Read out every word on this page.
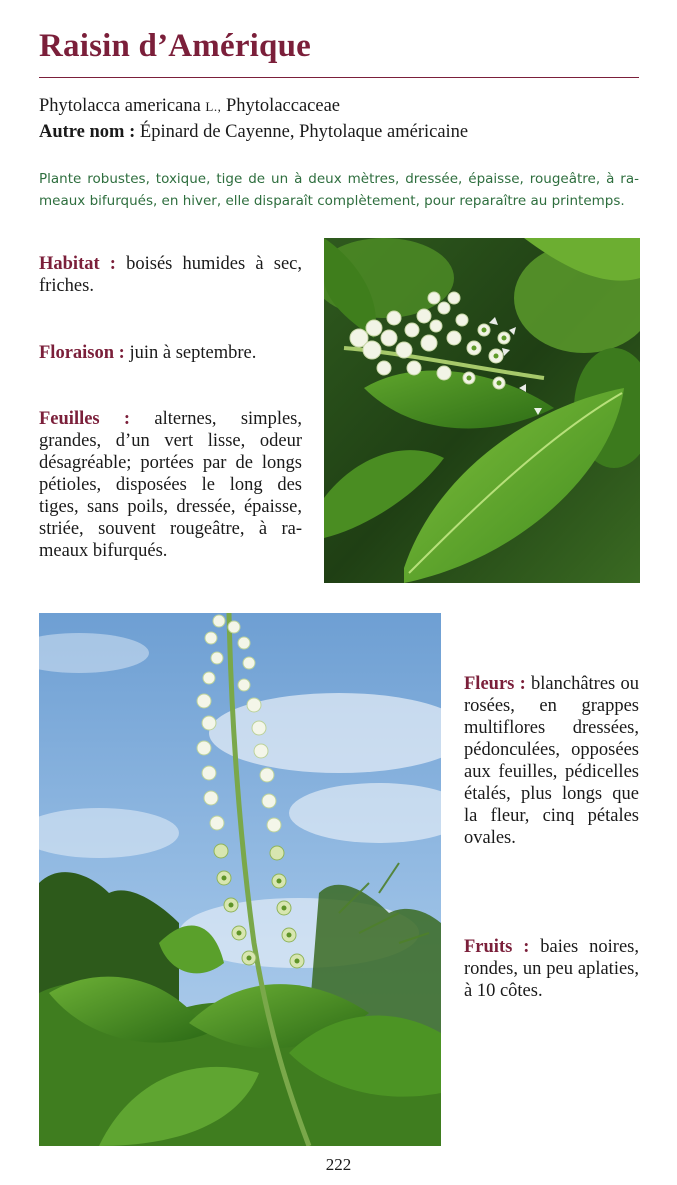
Raisin d’Amérique

Phytolacca americana L., Phytolaccaceae

Autre nom : Épinard de Cayenne, Phytolaque américaine

Plante robustes, toxique, tige de un à deux mètres, dressée, épaisse, rougeâtre, à rameaux bifurqués, en hiver, elle disparaît complètement, pour reparaître au printemps.

Habitat : boisés humides à sec, friches.

Floraison : juin à septembre.

Feuilles : alternes, simples, grandes, d’un vert lisse, odeur désagréable; portées par de longs pétioles, disposées le long des tiges, sans poils, dressée, épaisse, striée, souvent rougeâtre, à rameaux bifurqués.

Fleurs : blanchâtres ou rosées, en grappes multiflores dressées, pédonculées, opposées aux feuilles, pédicelles étalés, plus longs que la fleur, cinq pétales ovales.

Fruits : baies noires, rondes, un peu aplaties, à 10 côtes.

222
